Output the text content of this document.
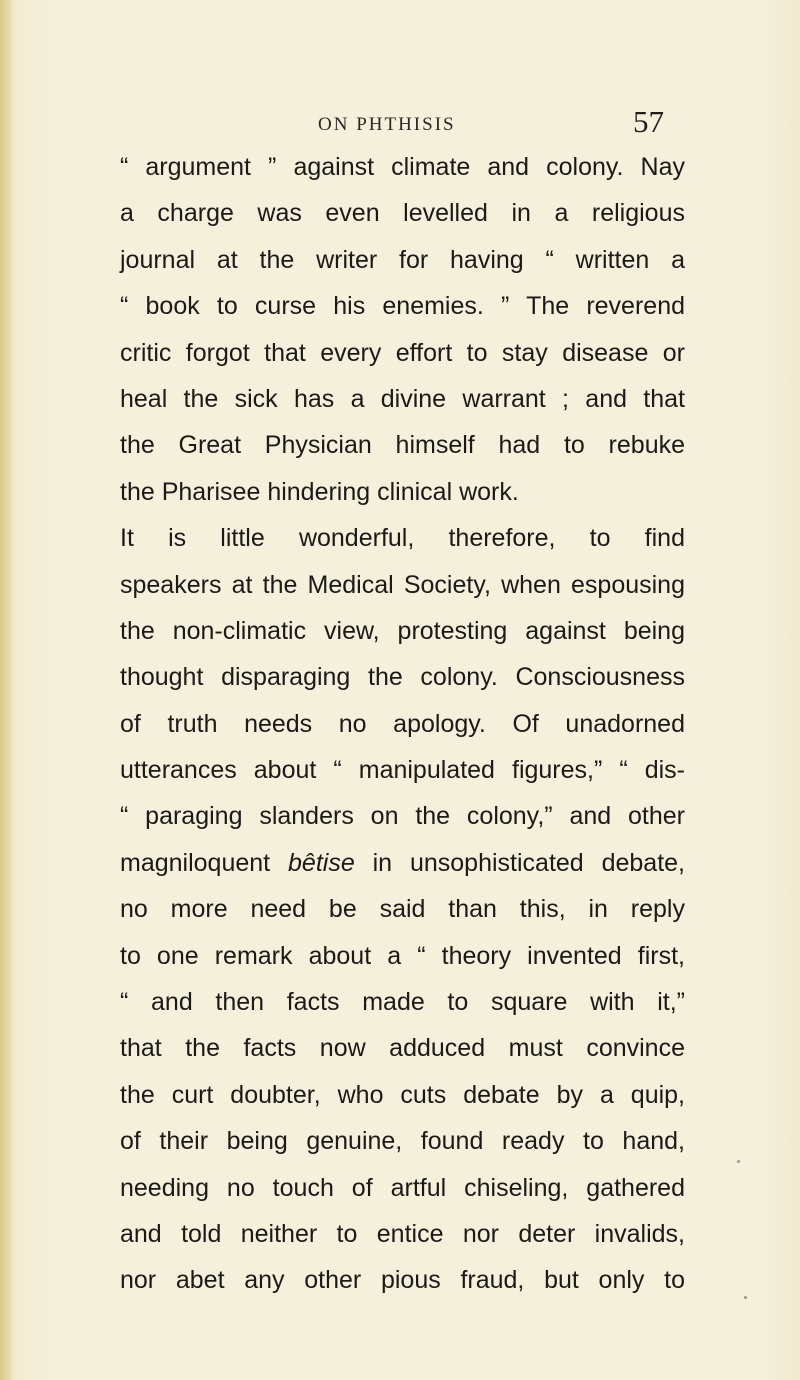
ON PHTHISIS	57
“ argument ” against climate and colony. Nay
a charge was even levelled in a religious
journal at the writer for having “ written a
“ book to curse his enemies. ” The reverend
critic forgot that every effort to stay disease or
heal the sick has a divine warrant ; and that
the Great Physician himself had to rebuke
the Pharisee hindering clinical work.
It is little wonderful, therefore, to find
speakers at the Medical Society, when espousing
the non-climatic view, protesting against being
thought disparaging the colony. Consciousness
of truth needs no apology. Of unadorned
utterances about “ manipulated figures,” “ dis-
“ paraging slanders on the colony,” and other
magniloquent bêtise in unsophisticated debate,
no more need be said than this, in reply
to one remark about a “ theory invented first,
“ and then facts made to square with it,”
that the facts now adduced must convince
the curt doubter, who cuts debate by a quip,
of their being genuine, found ready to hand,
needing no touch of artful chiseling, gathered
and told neither to entice nor deter invalids,
nor abet any other pious fraud, but only to
